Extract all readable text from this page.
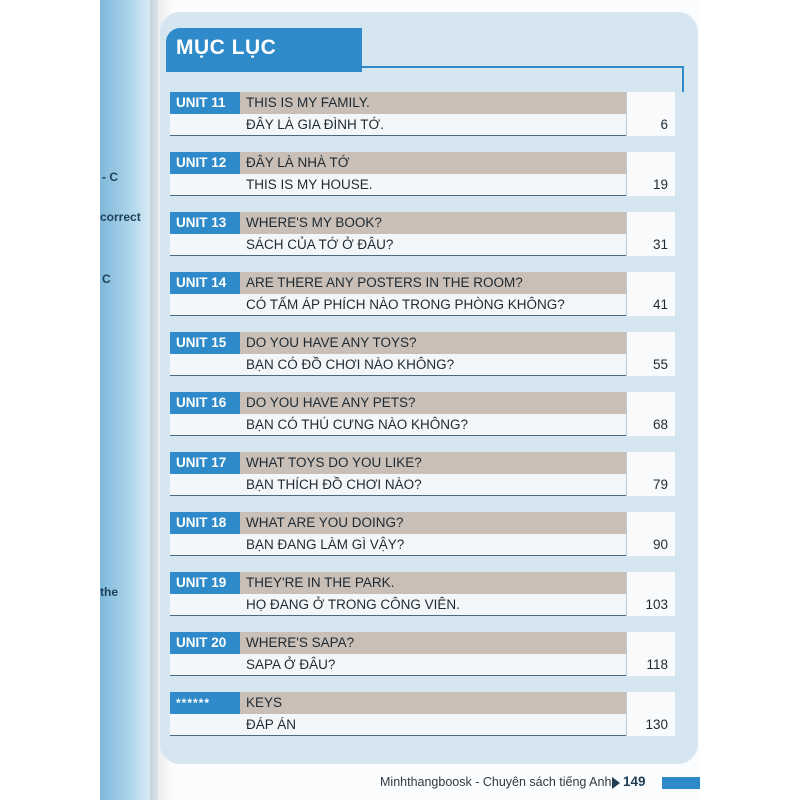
- C
correct
C
the
MỤC LỤC
UNIT 11	THIS IS MY FAMILY.
ĐÂY LÀ GIA ĐÌNH TỚ.	6
UNIT 12	ĐÂY LÀ NHÀ TỚ
THIS IS MY HOUSE.	19
UNIT 13	WHERE'S MY BOOK?
SÁCH CỦA TỚ Ở ĐÂU?	31
UNIT 14	ARE THERE ANY POSTERS IN THE ROOM?
CÓ TẤM ÁP PHÍCH NÀO TRONG PHÒNG KHÔNG?	41
UNIT 15	DO YOU HAVE ANY TOYS?
BẠN CÓ ĐỒ CHƠI NÀO KHÔNG?	55
UNIT 16	DO YOU HAVE ANY PETS?
BẠN CÓ THÚ CƯNG NÀO KHÔNG?	68
UNIT 17	WHAT TOYS DO YOU LIKE?
BẠN THÍCH ĐỒ CHƠI NÀO?	79
UNIT 18	WHAT ARE YOU DOING?
BẠN ĐANG LÀM GÌ VẬY?	90
UNIT 19	THEY'RE IN THE PARK.
HỌ ĐANG Ở TRONG CÔNG VIÊN.	103
UNIT 20	WHERE'S SAPA?
SAPA Ở ĐÂU?	118
******	KEYS
ĐÁP ÁN	130
Minhthangboosk - Chuyên sách tiếng Anh 149
